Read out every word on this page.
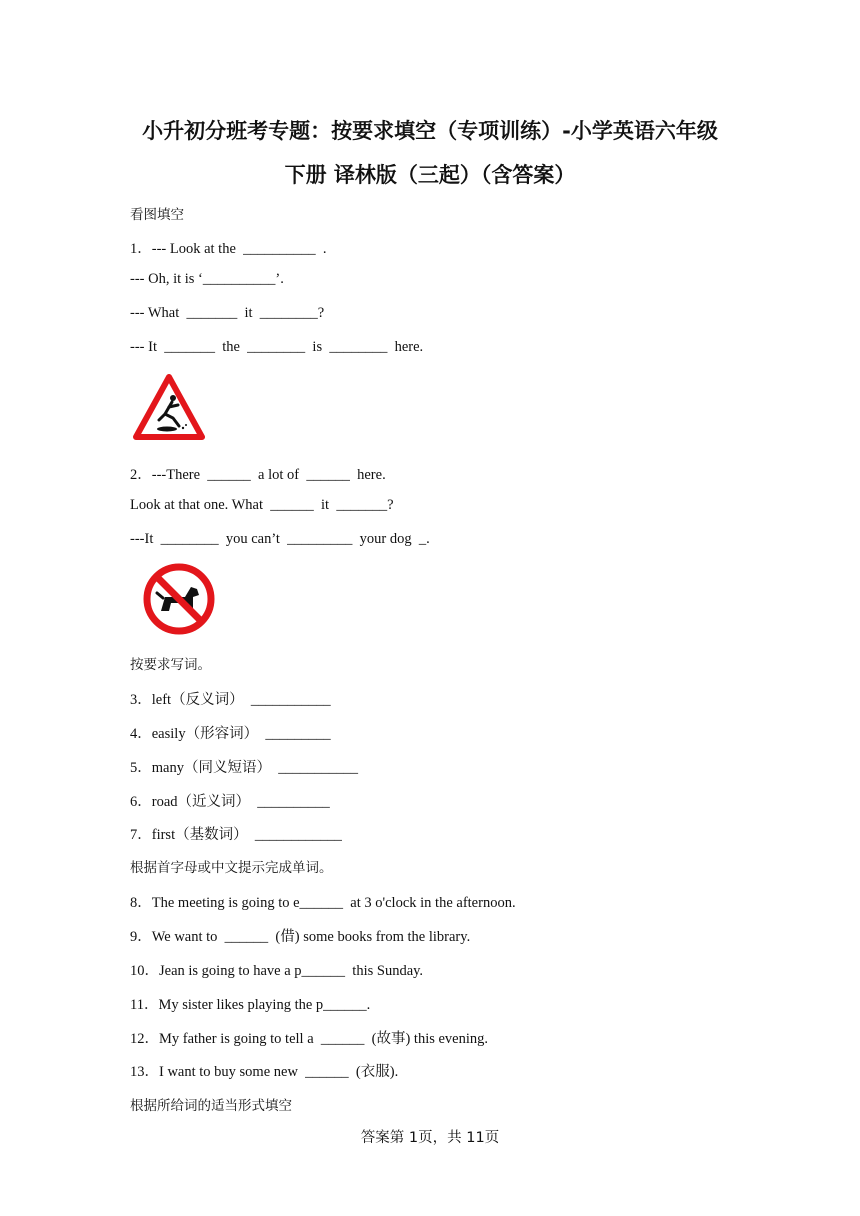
小升初分班考专题：按要求填空（专项训练）-小学英语六年级
下册 译林版（三起）（含答案）
看图填空
1．--- Look at the  __________  .
--- Oh, it is ‘__________’.
--- What  _______  it  ________?
--- It  _______  the  ________  is  ________  here.
2．---There  ______  a lot of  ______  here.
Look at that one. What  ______  it  _______?
---It  ________  you can’t  _________  your dog  _.
按要求写词。
3．left（反义词）  ___________
4．easily（形容词）  _________
5．many（同义短语）  ___________
6．road（近义词）  __________
7．first（基数词）  ____________
根据首字母或中文提示完成单词。
8．The meeting is going to e______  at 3 o'clock in the afternoon.
9．We want to  ______  (借) some books from the library.
10．Jean is going to have a p______  this Sunday.
11．My sister likes playing the p______.
12．My father is going to tell a  ______  (故事) this evening.
13．I want to buy some new  ______  (衣服).
根据所给词的适当形式填空
答案第 1页，共 11页
